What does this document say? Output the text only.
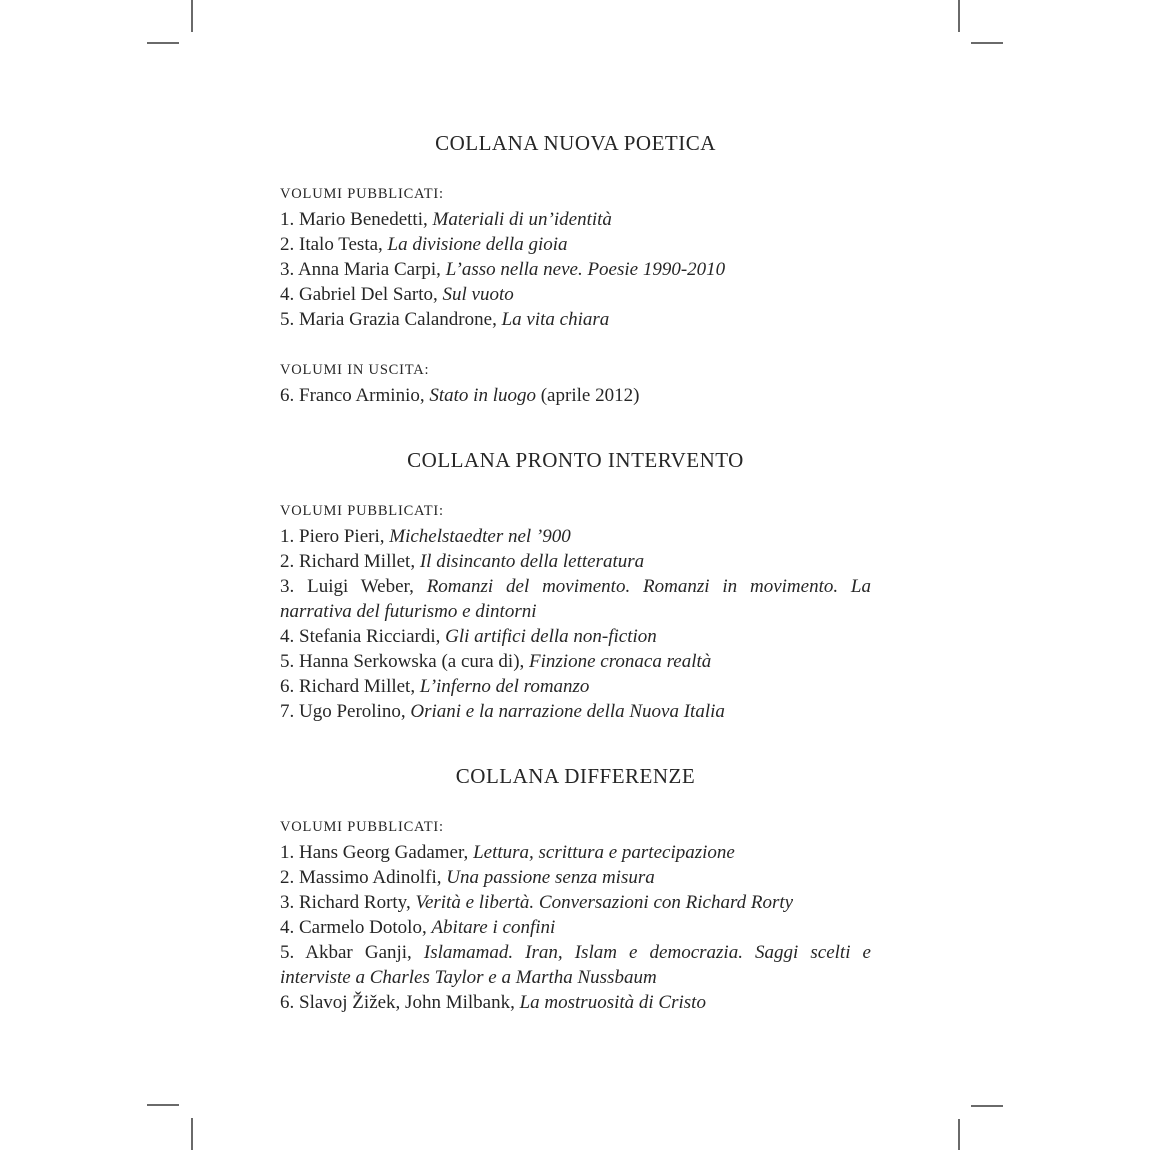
COLLANA NUOVA POETICA
VOLUMI PUBBLICATI:

1. Mario Benedetti, Materiali di un’identità

2. Italo Testa, La divisione della gioia

3. Anna Maria Carpi, L’asso nella neve. Poesie 1990-2010

4. Gabriel Del Sarto, Sul vuoto

5. Maria Grazia Calandrone, La vita chiara

VOLUMI IN USCITA:

6. Franco Arminio, Stato in luogo (aprile 2012)

COLLANA PRONTO INTERVENTO
VOLUMI PUBBLICATI:

1. Piero Pieri, Michelstaedter nel ’900

2. Richard Millet, Il disincanto della letteratura

3. Luigi Weber, Romanzi del movimento. Romanzi in movimento. La narrativa del futurismo e dintorni

4. Stefania Ricciardi, Gli artifici della non-fiction

5. Hanna Serkowska (a cura di), Finzione cronaca realtà

6. Richard Millet, L’inferno del romanzo

7. Ugo Perolino, Oriani e la narrazione della Nuova Italia

COLLANA DIFFERENZE
VOLUMI PUBBLICATI:

1. Hans Georg Gadamer, Lettura, scrittura e partecipazione

2. Massimo Adinolfi, Una passione senza misura

3. Richard Rorty, Verità e libertà. Conversazioni con Richard Rorty

4. Carmelo Dotolo, Abitare i confini

5. Akbar Ganji, Islamamad. Iran, Islam e democrazia. Saggi scelti e interviste a Charles Taylor e a Martha Nussbaum

6. Slavoj Žižek, John Milbank, La mostruosità di Cristo
